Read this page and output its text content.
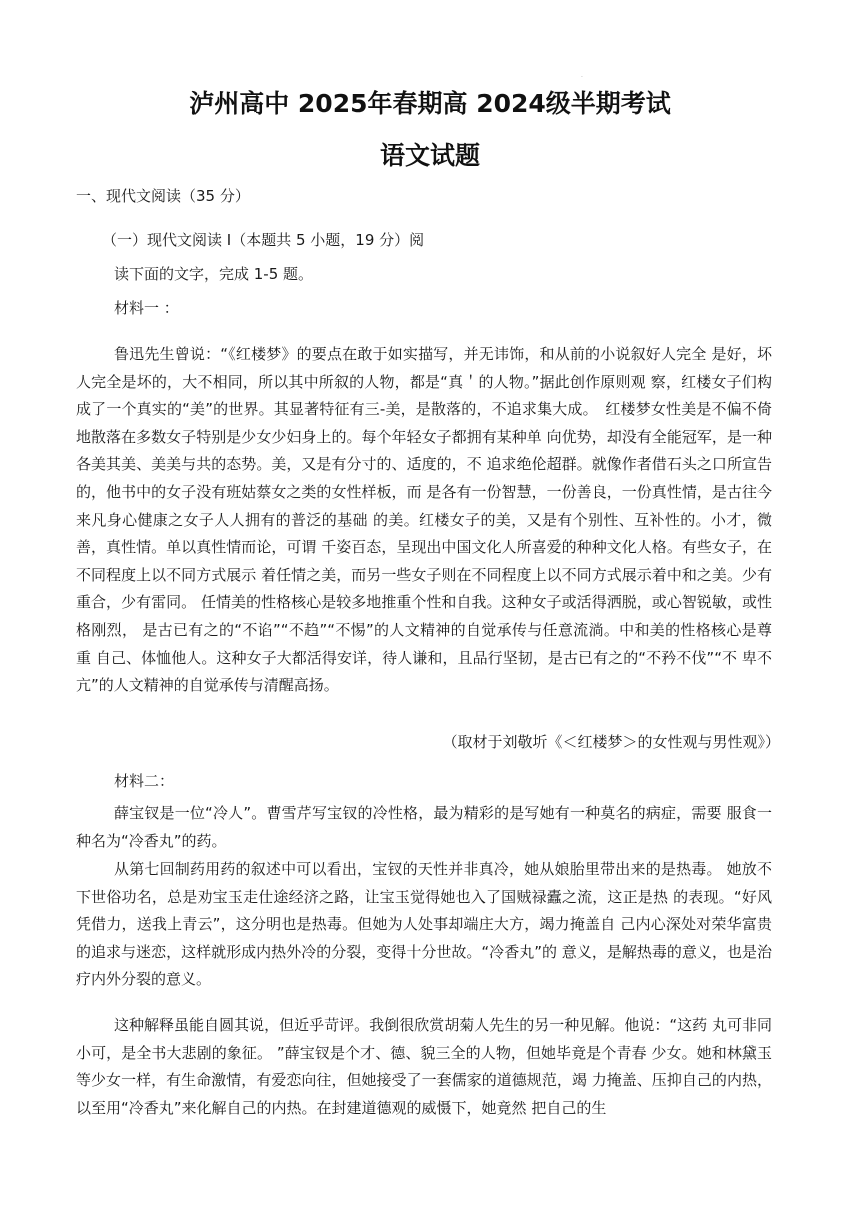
·
泸州高中 2025年春期高 2024级半期考试
语文试题
一、现代文阅读（35 分）
（一）现代文阅读 I（本题共 5 小题，19 分）阅
读下面的文字，完成 1-5 题。
材料一 ：
鲁迅先生曾说：“《红楼梦》的要点在敢于如实描写，并无讳饰，和从前的小说叙好人完全 是好，坏人完全是坏的，大不相同，所以其中所叙的人物，都是“真＇的人物。”据此创作原则观 察，红楼女子们构成了一个真实的“美”的世界。其显著特征有三-美，是散落的，不追求集大成。　红楼梦女性美是不偏不倚地散落在多数女子特别是少女少妇身上的。每个年轻女子都拥有某种单 向优势，却没有全能冠军，是一种各美其美、美美与共的态势。美，又是有分寸的、适度的，不 追求绝伦超群。就像作者借石头之口所宣告的，他书中的女子没有班姑蔡女之类的女性样板，而 是各有一份智慧，一份善良，一份真性情，是古往今来凡身心健康之女子人人拥有的普泛的基础 的美。红楼女子的美，又是有个别性、互补性的。小才，微善，真性情。单以真性情而论，可谓 千姿百态，呈现出中国文化人所喜爱的种种文化人格。有些女子，在不同程度上以不同方式展示 着任情之美，而另一些女子则在不同程度上以不同方式展示着中和之美。少有重合，少有雷同。 任情美的性格核心是较多地推重个性和自我。这种女子或活得洒脱，或心智锐敏，或性格刚烈， 是古已有之的“不谄”“不趋”“不惕”的人文精神的自觉承传与任意流淌。中和美的性格核心是尊重 自己、体恤他人。这种女子大都活得安详，待人谦和，且品行坚韧，是古已有之的“不矜不伐”“不 卑不亢”的人文精神的自觉承传与清醒高扬。
（取材于刘敬圻《＜红楼梦＞的女性观与男性观》）
材料二：
薛宝钗是一位“冷人”。曹雪芹写宝钗的冷性格，最为精彩的是写她有一种莫名的病症，需要 服食一种名为“冷香丸”的药。
从第七回制药用药的叙述中可以看出，宝钗的天性并非真冷，她从娘胎里带出来的是热毒。 她放不下世俗功名，总是劝宝玉走仕途经济之路，让宝玉觉得她也入了国贼禄蠹之流，这正是热 的表现。“好风凭借力，送我上青云”，这分明也是热毒。但她为人处事却端庄大方，竭力掩盖自 己内心深处对荣华富贵的追求与迷恋，这样就形成内热外冷的分裂，变得十分世故。“冷香丸”的 意义，是解热毒的意义，也是治疗内外分裂的意义。
这种解释虽能自圆其说，但近乎苛评。我倒很欣赏胡菊人先生的另一种见解。他说：“这药 丸可非同小可，是全书大悲剧的象征。 ”薛宝钗是个才、德、貌三全的人物，但她毕竟是个青春 少女。她和林黛玉等少女一样，有生命激情，有爱恋向往，但她接受了一套儒家的道德规范，竭 力掩盖、压抑自己的内热，以至用“冷香丸”来化解自己的内热。在封建道德观的威慑下，她竟然 把自己的生
